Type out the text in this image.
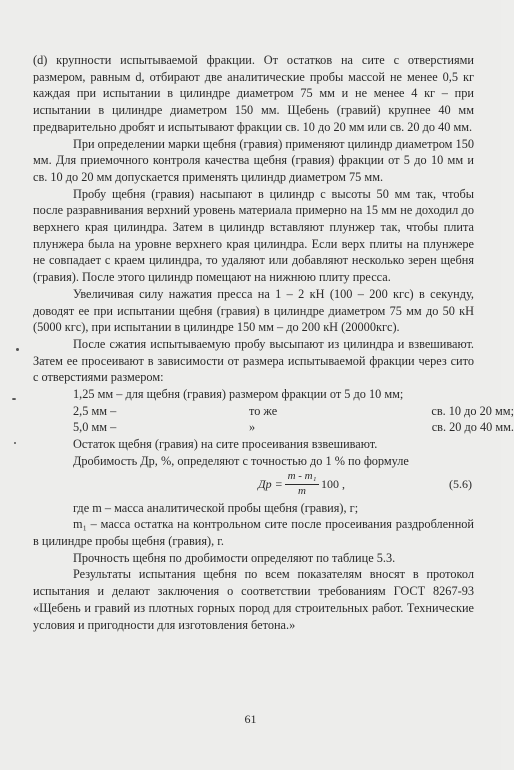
(d) крупности испытываемой фракции. От остатков на сите с отверстиями размером, равным d, отбирают две аналитические пробы массой не менее 0,5 кг каждая при испытании в цилиндре диаметром 75 мм и не менее 4 кг – при испытании в цилиндре диаметром 150 мм. Щебень (гравий) крупнее 40 мм предварительно дробят и испытывают фракции св. 10 до 20 мм или св. 20 до 40 мм.

При определении марки щебня (гравия) применяют цилиндр диаметром 150 мм. Для приемочного контроля качества щебня (гравия) фракции от 5 до 10 мм и св. 10 до 20 мм допускается применять цилиндр диаметром 75 мм.

Пробу щебня (гравия) насыпают в цилиндр с высоты 50 мм так, чтобы после разравнивания верхний уровень материала примерно на 15 мм не доходил до верхнего края цилиндра. Затем в цилиндр вставляют плунжер так, чтобы плита плунжера была на уровне верхнего края цилиндра. Если верх плиты на плунжере не совпадает с краем цилиндра, то удаляют или добавляют несколько зерен щебня (гравия). После этого цилиндр помещают на нижнюю плиту пресса.

Увеличивая силу нажатия пресса на 1 – 2 кН (100 – 200 кгс) в секунду, доводят ее при испытании щебня (гравия) в цилиндре диаметром 75 мм до 50 кН (5000 кгс), при испытании в цилиндре 150 мм – до 200 кН (20000кгс).

После сжатия испытываемую пробу высыпают из цилиндра и взвешивают. Затем ее просеивают в зависимости от размера испытываемой фракции через сито с отверстиями размером:

1,25 мм – для щебня (гравия) размером фракции от 5 до 10 мм;

2,5 мм –	то же	св. 10 до 20 мм;
5,0 мм –	»	св. 20 до 40 мм.

Остаток щебня (гравия) на сите просеивания взвешивают.

Дробимость Др, %, определяют с точностью до 1 % по формуле

Др = $\frac{\text{m - m₁}}{m} 100$ ,	(5.6)

где m – масса аналитической пробы щебня (гравия), г;

m₁ – масса остатка на контрольном сите после просеивания раздробленной в цилиндре пробы щебня (гравия), г.

Прочность щебня по дробимости определяют по таблице 5.3.

Результаты испытания щебня по всем показателям вносят в протокол испытания и делают заключения о соответствии требованиям ГОСТ 8267-93 «Щебень и гравий из плотных горных пород для строительных работ. Технические условия и пригодности для изготовления бетона.»

61
